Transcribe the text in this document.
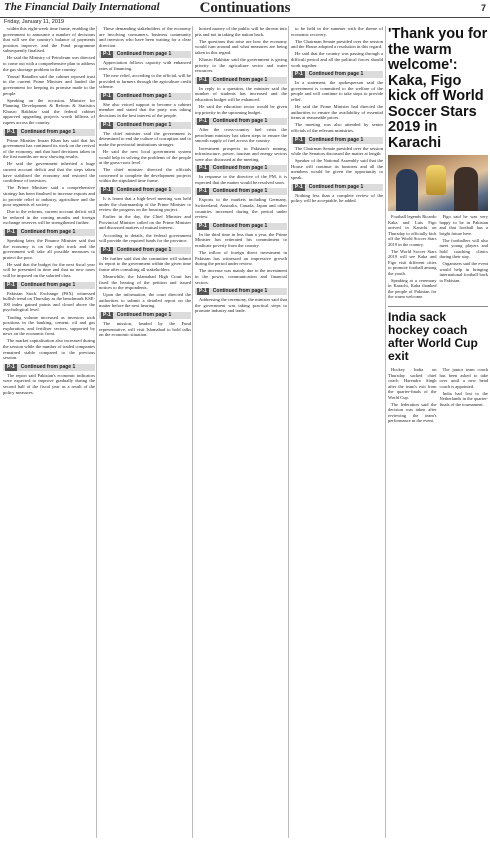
The Financial Daily International	Continuations	7
Friday, January 11, 2019

within this eight-week time frame, enabling the government to announce a number of decisions that will see the country's balance of payments position improve, and the Fund programme subsequently finalised.

He said the Ministry of Petroleum was directed to come out with a comprehensive plan to address the gas shortage problem in the country.

Yousaf Baiadlea said the cabinet reposed trust in the current Prime Minister and lauded the government for keeping its promise made to the people.

Speaking on the occasion, Minister for Planning Development & Reform & Statistics Khusro Bakhtiar said the federal cabinet approved upgrading projects worth billions of rupees across the country.

P-1 Continued from page 1

Prime Minister Imran Khan has said that his government has continued its work on the revival of the economy, and that hard decisions taken in the first months are now showing results.

He said the government inherited a huge current account deficit and that the steps taken have stabilised the economy and restored the confidence of investors.

The Prime Minister said a comprehensive strategy has been finalised to increase exports and to provide relief to industry, agriculture and the poor segments of society.

Due to the reforms, current account deficit will be reduced in the coming months and foreign exchange reserves will be strengthened further.

P-1 Continued from page 1

Speaking later, the Finance Minister said that the economy is on the right track and the government will take all possible measures to protect the poor.

He said that the budget for the next fiscal year will be presented in time and that no new taxes will be imposed on the salaried class.

P-1 Continued from page 1

Pakistan Stock Exchange (PSX) witnessed bullish trend on Thursday as the benchmark KSE-100 index gained points and closed above the psychological level.

Trading volume increased as investors took positions in the banking, cement, oil and gas exploration, and fertiliser sectors, supported by news on the economic front.

The market capitalisation also increased during the session while the number of traded companies remained stable compared to the previous session.

P-1 Continued from page 1

The report said Pakistan's economic indicators were expected to improve gradually during the second half of the fiscal year as a result of the policy measures.

These demanding stakeholders of the economy are involving consumers, business community and investors who have been waiting for a clear direction.

P-1 Continued from page 1

Appreciation follows capacity with enhanced rates of financing.

The new relief, according to the official, will be provided to farmers through the agriculture credit scheme.

P-1 Continued from page 1

She also voiced support to become a cabinet member and stated that the party was taking decisions in the best interest of the people.

P-1 Continued from page 1

The chief minister said the government is determined to end the culture of corruption and to make the provincial institutions stronger.

He said the new local government system would help in solving the problems of the people at the grass-roots level.

The chief minister directed the officials concerned to complete the development projects within the stipulated time frame.

P-1 Continued from page 1

It is learnt that a high-level meeting was held under the chairmanship of the Prime Minister to review the progress on the housing project.

Earlier in the day, the Chief Minister and Provincial Minister called on the Prime Minister and discussed matters of mutual interest.

According to details, the federal government will provide the required funds for the province.

P-1 Continued from page 1

He further said that the committee will submit its report to the government within the given time frame after consulting all stakeholders.

Meanwhile, the Islamabad High Court has fixed the hearing of the petition and issued notices to the respondents.

Upon the information, the court directed the authorities to submit a detailed report on the matter before the next hearing.

P-1 Continued from page 1

The mission, headed by the Fund representative, will visit Islamabad to hold talks on the economic situation.

hosted money of the public will be thrown into pits and not in taking the nation back.

The questions that arise are how the economy would turn around and what measures are being taken in this regard.

Khusro Bakhtiar said the government is giving priority to the agriculture sector and water resources.

P-1 Continued from page 1

In reply to a question, the minister said the number of students has increased and the education budget will be enhanced.

He said the education sector would be given top priority in the upcoming budget.

P-1 Continued from page 1

After the cross-country fuel crisis the petroleum ministry has taken steps to ensure the smooth supply of fuel across the country.

Investment prospects in Pakistan's mining, infrastructure, power, tourism and energy sectors were also discussed at the meeting.

P-1 Continued from page 1

In response to the directive of the PM, it is expected that the matter would be resolved soon.

P-1 Continued from page 1

Exports to the markets including Germany, Switzerland, Australia, Canada, Japan and other countries increased during the period under review.

P-1 Continued from page 1

In the third time in less than a year, the Prime Minister has reiterated his commitment to eradicate poverty from the country.

The inflow of foreign direct investment in Pakistan has witnessed an impressive growth during the period under review.

The increase was mainly due to the investment in the power, communication and financial sectors.

P-1 Continued from page 1

Addressing the ceremony, the minister said that the government was taking practical steps to promote industry and trade.

to be held in the summer with the theme of economic recovery.

The Chairman Senate presided over the session and the House adopted a resolution in this regard.

He said that the country was passing through a difficult period and all the political forces should work together.

P-1 Continued from page 1

In a statement, the spokesperson said the government is committed to the welfare of the people and will continue to take steps to provide relief.

He said the Prime Minister had directed the authorities to ensure the availability of essential items at reasonable prices.

The meeting was also attended by senior officials of the relevant ministries.

P-1 Continued from page 1

The Chairman Senate presided over the session while the Senators discussed the matter at length.

Speaker of the National Assembly said that the House will continue its business and all the members would be given the opportunity to speak.

P-1 Continued from page 1

Nothing less than a complete review of the policy will be acceptable, he added.

'Thank you for the warm welcome': Kaka, Figo kick off World Soccer Stars 2019 in Karachi

Football legends Ricardo Kaka and Luis Figo arrived in Karachi on Thursday to officially kick off the World Soccer Stars 2019 in the country.

The World Soccer Stars 2019 will see Kaka and Figo visit different cities to promote football among the youth.

Speaking at a ceremony in Karachi, Kaka thanked the people of Pakistan for the warm welcome.

Figo said he was very happy to be in Pakistan and that football has a bright future here.

The footballers will also meet young players and hold coaching clinics during their stay.

Organisers said the event would help in bringing international football back to Pakistan.

India sack hockey coach after World Cup exit

Hockey India on Thursday sacked chief coach Harendra Singh after the team's exit from the quarter-finals of the World Cup.

The federation said the decision was taken after reviewing the team's performance in the event.

The junior team coach has been asked to take over until a new head coach is appointed.

India had lost to the Netherlands in the quarter-finals of the tournament.
